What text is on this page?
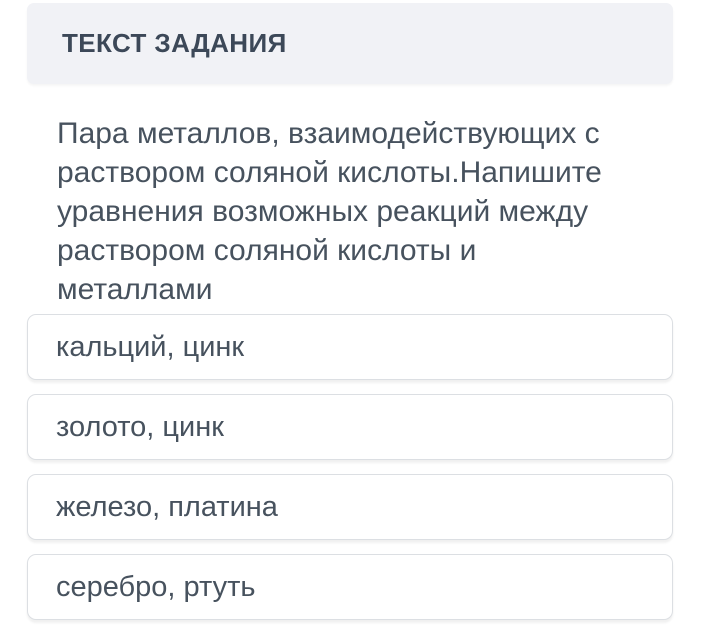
ТЕКСТ ЗАДАНИЯ
Пара металлов, взаимодействующих с
раствором соляной кислоты.Напишите
уравнения возможных реакций между
раствором соляной кислоты и
металлами
кальций, цинк
золото, цинк
железо, платина
серебро, ртуть
